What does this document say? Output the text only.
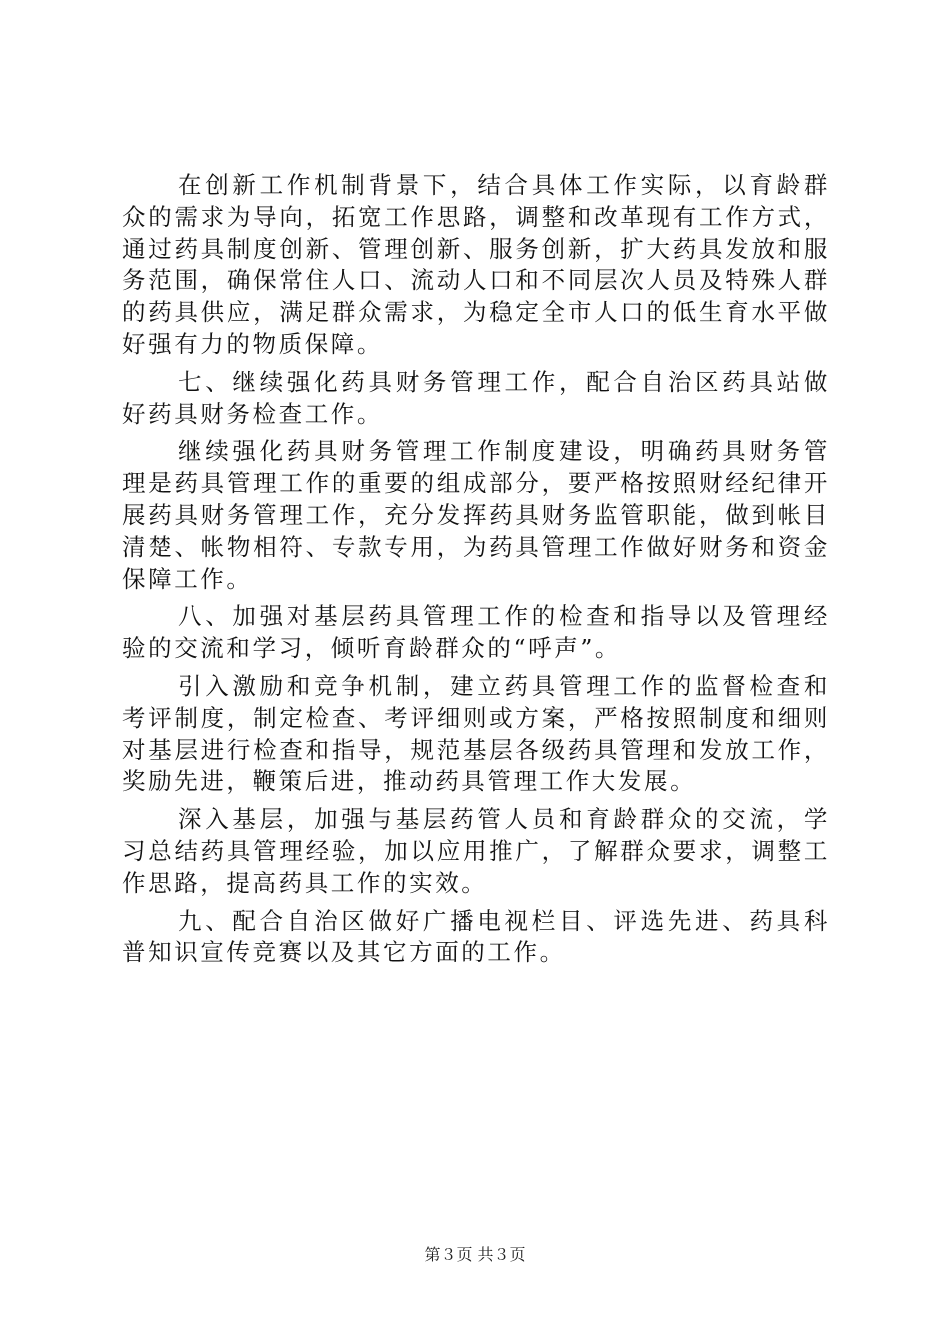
在创新工作机制背景下，结合具体工作实际，以育龄群众的需求为导向，拓宽工作思路，调整和改革现有工作方式，通过药具制度创新、管理创新、服务创新，扩大药具发放和服务范围，确保常住人口、流动人口和不同层次人员及特殊人群的药具供应，满足群众需求，为稳定全市人口的低生育水平做好强有力的物质保障。

七、继续强化药具财务管理工作，配合自治区药具站做好药具财务检查工作。

继续强化药具财务管理工作制度建设，明确药具财务管理是药具管理工作的重要的组成部分，要严格按照财经纪律开展药具财务管理工作，充分发挥药具财务监管职能，做到帐目清楚、帐物相符、专款专用，为药具管理工作做好财务和资金保障工作。

八、加强对基层药具管理工作的检查和指导以及管理经验的交流和学习，倾听育龄群众的“呼声”。

引入激励和竞争机制，建立药具管理工作的监督检查和考评制度，制定检查、考评细则或方案，严格按照制度和细则对基层进行检查和指导，规范基层各级药具管理和发放工作，奖励先进，鞭策后进，推动药具管理工作大发展。

深入基层，加强与基层药管人员和育龄群众的交流，学习总结药具管理经验，加以应用推广，了解群众要求，调整工作思路，提高药具工作的实效。

九、配合自治区做好广播电视栏目、评选先进、药具科普知识宣传竞赛以及其它方面的工作。

第３页 共３页
